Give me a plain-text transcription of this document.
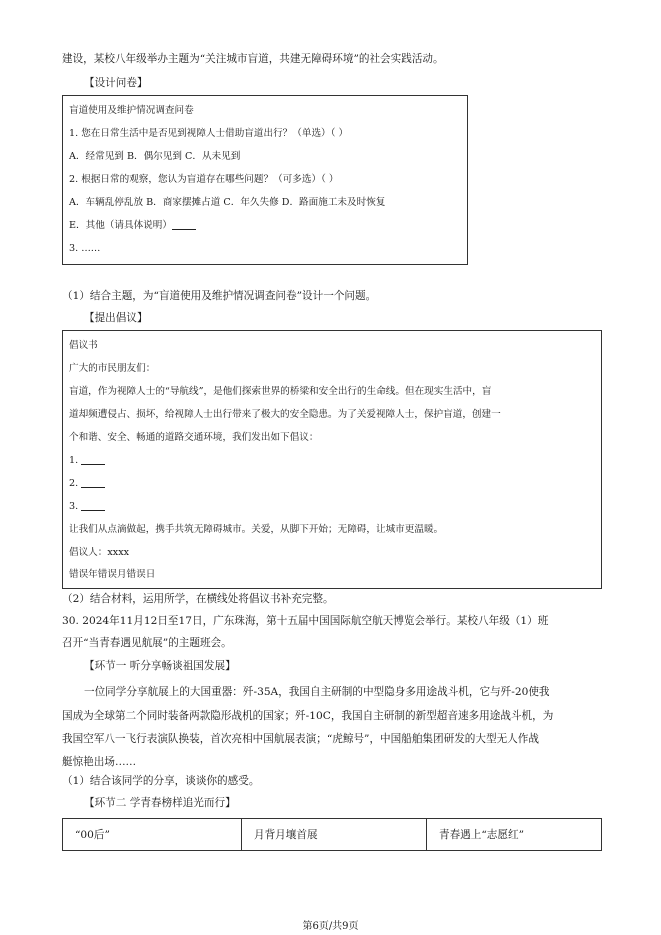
建设，某校八年级举办主题为“关注城市盲道，共建无障碍环境”的社会实践活动。
【设计问卷】
盲道使用及维护情况调查问卷
1. 您在日常生活中是否见到视障人士借助盲道出行？（单选）（ ）
A．经常见到 B．偶尔见到 C．从未见到
2. 根据日常的观察，您认为盲道存在哪些问题？（可多选）（ ）
A．车辆乱停乱放 B．商家摆摊占道 C．年久失修 D．路面施工未及时恢复
E．其他（请具体说明）
3. ……
（1）结合主题，为“盲道使用及维护情况调查问卷”设计一个问题。
【提出倡议】
倡议书
广大的市民朋友们：
盲道，作为视障人士的“导航线”，是他们探索世界的桥梁和安全出行的生命线。但在现实生活中，盲
道却频遭侵占、损坏，给视障人士出行带来了极大的安全隐患。为了关爱视障人士，保护盲道，创建一
个和谐、安全、畅通的道路交通环境，我们发出如下倡议：
1.
2.
3.
让我们从点滴做起，携手共筑无障碍城市。关爱，从脚下开始；无障碍，让城市更温暖。
倡议人：xxxx
错误年错误月错误日
（2）结合材料，运用所学，在横线处将倡议书补充完整。
30. 2024年11月12日至17日，广东珠海，第十五届中国国际航空航天博览会举行。某校八年级（1）班
召开“当青春遇见航展”的主题班会。
【环节一 听分享畅谈祖国发展】
一位同学分享航展上的大国重器：歼-35A，我国自主研制的中型隐身多用途战斗机，它与歼-20使我
国成为全球第二个同时装备两款隐形战机的国家；歼-10C，我国自主研制的新型超音速多用途战斗机，为
我国空军八一飞行表演队换装，首次亮相中国航展表演；“虎鲸号”，中国船舶集团研发的大型无人作战
艇惊艳出场……
（1）结合该同学的分享，谈谈你的感受。
【环节二 学青春榜样追光而行】
“00后”	月背月壤首展	青春遇上“志愿红”
第6页/共9页
